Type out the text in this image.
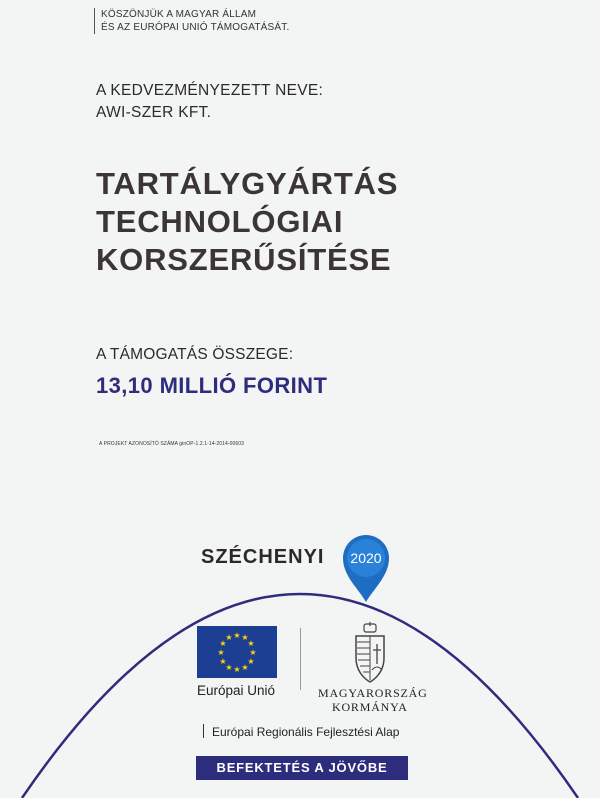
KÖSZÖNJÜK A MAGYAR ÁLLAM
ÉS AZ EURÓPAI UNIÓ TÁMOGATÁSÁT.
A KEDVEZMÉNYEZETT NEVE:
AWI-SZER KFT.
TARTÁLYGYÁRTÁS
TECHNOLÓGIAI
KORSZERŰSÍTÉSE
A TÁMOGATÁS ÖSSZEGE:
13,10 MILLIÓ FORINT
A PROJEKT AZONOSÍTÓ SZÁMA ginOP-1.2.1-14-2014-00603
SZÉCHENYI 2020
★ ★
★
★
★
★
★
★
★
★
★
★
Európai Unió	MAGYARORSZÁG
KORMÁNYA
Európai Regionális Fejlesztési Alap
BEFEKTETÉS A JÖVŐBE
